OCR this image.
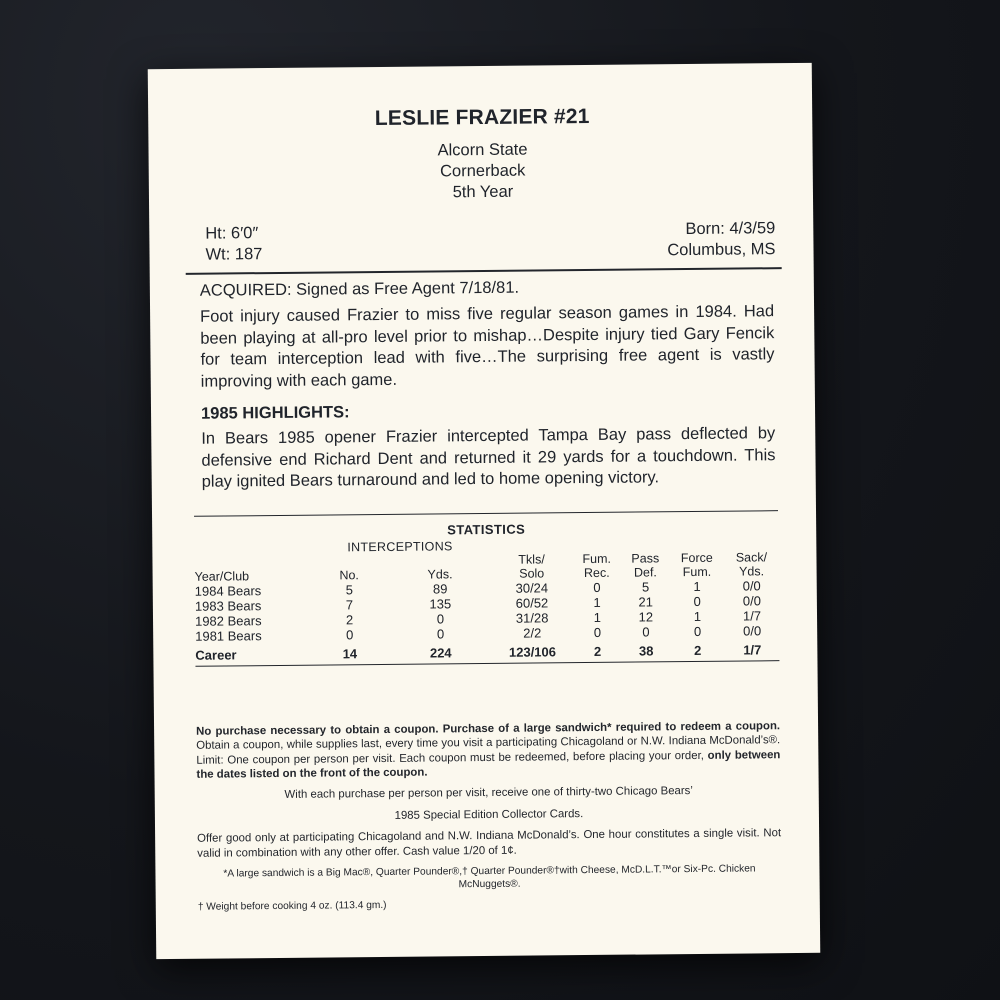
LESLIE FRAZIER #21
Alcorn State
Cornerback
5th Year
Ht: 6′0″
Wt: 187
Born: 4/3/59
Columbus, MS
ACQUIRED: Signed as Free Agent 7/18/81.
Foot injury caused Frazier to miss five regular season games in 1984. Had been playing at all-pro level prior to mishap…Despite injury tied Gary Fencik for team interception lead with five…The surprising free agent is vastly improving with each game.
1985 HIGHLIGHTS:
In Bears 1985 opener Frazier intercepted Tampa Bay pass deflected by defensive end Richard Dent and returned it 29 yards for a touchdown. This play ignited Bears turnaround and led to home opening victory.
STATISTICS
	INTERCEPTIONS						
			Tkls/	Fum.	Pass	Force	Sack/
Year/Club	No.	Yds.	Solo	Rec.	Def.	Fum.	Yds.
1984 Bears	5	89	30/24	0	5	1	0/0
1983 Bears	7	135	60/52	1	21	0	0/0
1982 Bears	2	0	31/28	1	12	1	1/7
1981 Bears	0	0	2/2	0	0	0	0/0
Career	14	224	123/106	2	38	2	1/7

No purchase necessary to obtain a coupon. Purchase of a large sandwich* required to redeem a coupon. Obtain a coupon, while supplies last, every time you visit a participating Chicagoland or N.W. Indiana McDonald’s®. Limit: One coupon per person per visit. Each coupon must be redeemed, before placing your order, only between the dates listed on the front of the coupon.

With each purchase per person per visit, receive one of thirty-two Chicago Bears’

1985 Special Edition Collector Cards.

Offer good only at participating Chicagoland and N.W. Indiana McDonald’s. One hour constitutes a single visit. Not valid in combination with any other offer. Cash value 1/20 of 1¢.

*A large sandwich is a Big Mac®, Quarter Pounder®,† Quarter Pounder®†with Cheese, McD.L.T.™or Six-Pc. Chicken McNuggets®.

† Weight before cooking 4 oz. (113.4 gm.)
